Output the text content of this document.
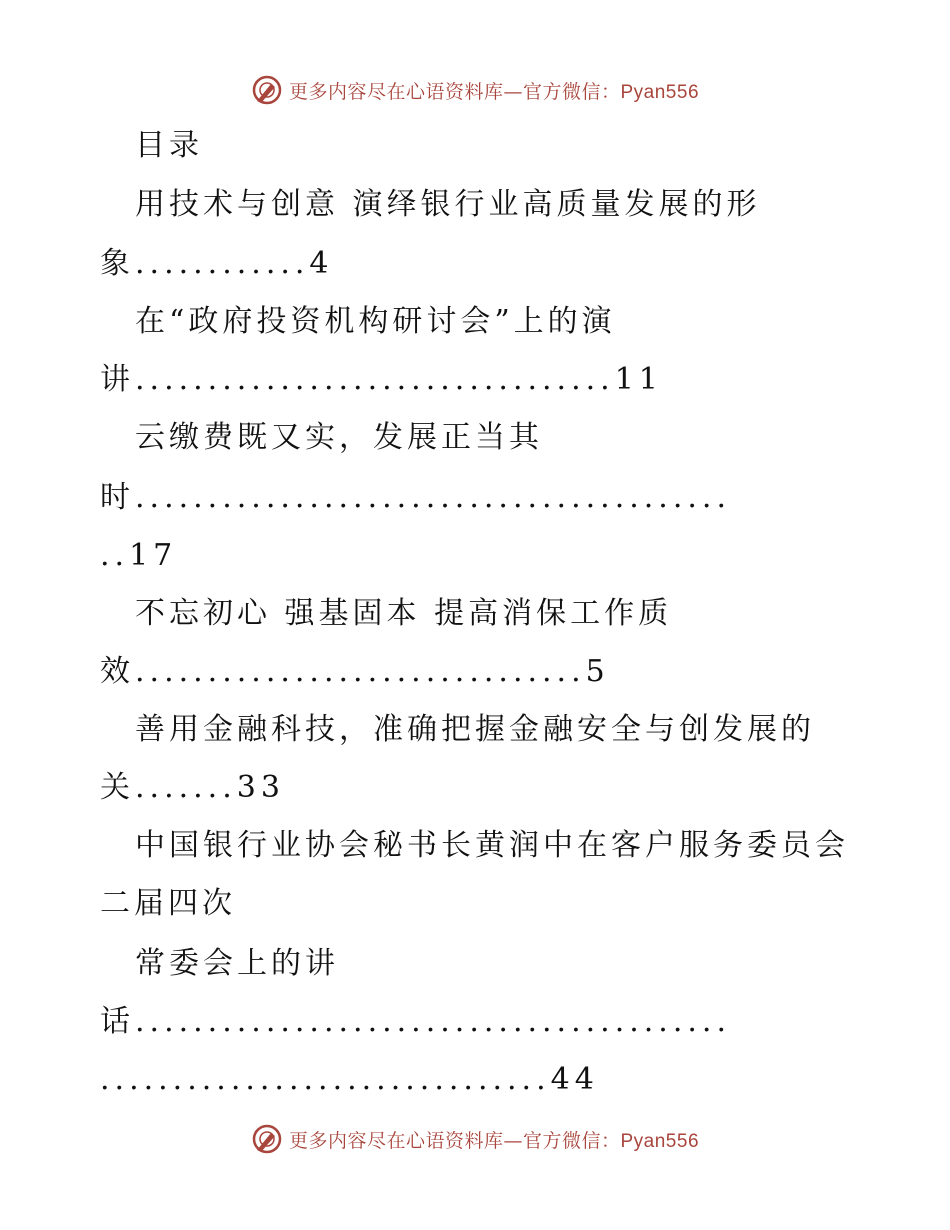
更多内容尽在心语资料库—官方微信：Pyan556
目录
用技术与创意 演绎银行业高质量发展的形
象............4
在“政府投资机构研讨会”上的演
讲.................................11
云缴费既又实，发展正当其
时.........................................
..17
不忘初心 强基固本 提高消保工作质
效...............................5
善用金融科技，准确把握金融安全与创发展的
关.......33
中国银行业协会秘书长黄润中在客户服务委员会
二届四次
常委会上的讲
话.........................................
...............................44
更多内容尽在心语资料库—官方微信：Pyan556
